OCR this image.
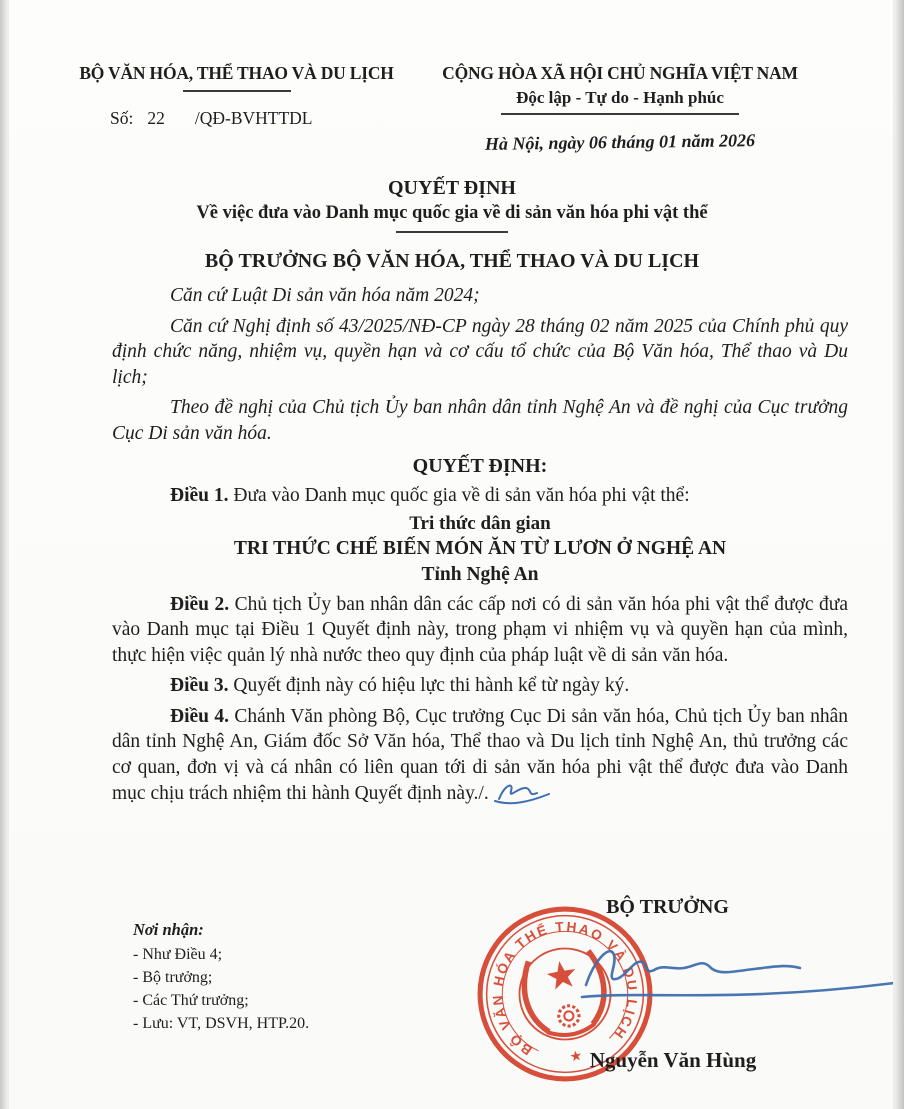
BỘ VĂN HÓA, THỂ THAO VÀ DU LỊCH
Số: 22 /QĐ-BVHTTDL
CỘNG HÒA XÃ HỘI CHỦ NGHĨA VIỆT NAM
Độc lập - Tự do - Hạnh phúc
Hà Nội, ngày 06 tháng 01 năm 2026
QUYẾT ĐỊNH
Về việc đưa vào Danh mục quốc gia về di sản văn hóa phi vật thể
BỘ TRƯỞNG BỘ VĂN HÓA, THỂ THAO VÀ DU LỊCH

Căn cứ Luật Di sản văn hóa năm 2024;

Căn cứ Nghị định số 43/2025/NĐ-CP ngày 28 tháng 02 năm 2025 của Chính phủ quy định chức năng, nhiệm vụ, quyền hạn và cơ cấu tổ chức của Bộ Văn hóa, Thể thao và Du lịch;

Theo đề nghị của Chủ tịch Ủy ban nhân dân tỉnh Nghệ An và đề nghị của Cục trưởng Cục Di sản văn hóa.

QUYẾT ĐỊNH:

Điều 1. Đưa vào Danh mục quốc gia về di sản văn hóa phi vật thể:

Tri thức dân gian
TRI THỨC CHẾ BIẾN MÓN ĂN TỪ LƯƠN Ở NGHỆ AN
Tỉnh Nghệ An

Điều 2. Chủ tịch Ủy ban nhân dân các cấp nơi có di sản văn hóa phi vật thể được đưa vào Danh mục tại Điều 1 Quyết định này, trong phạm vi nhiệm vụ và quyền hạn của mình, thực hiện việc quản lý nhà nước theo quy định của pháp luật về di sản văn hóa.

Điều 3. Quyết định này có hiệu lực thi hành kể từ ngày ký.

Điều 4. Chánh Văn phòng Bộ, Cục trưởng Cục Di sản văn hóa, Chủ tịch Ủy ban nhân dân tỉnh Nghệ An, Giám đốc Sở Văn hóa, Thể thao và Du lịch tỉnh Nghệ An, thủ trưởng các cơ quan, đơn vị và cá nhân có liên quan tới di sản văn hóa phi vật thể được đưa vào Danh mục chịu trách nhiệm thi hành Quyết định này./.

Nơi nhận:
- Như Điều 4;
- Bộ trưởng;
- Các Thứ trưởng;
- Lưu: VT, DSVH, HTP.20.
BỘ TRƯỞNG
BỘ VĂN HÓA THỂ THAO VÀ DU LỊCH
★ Nguyễn Văn Hùng
